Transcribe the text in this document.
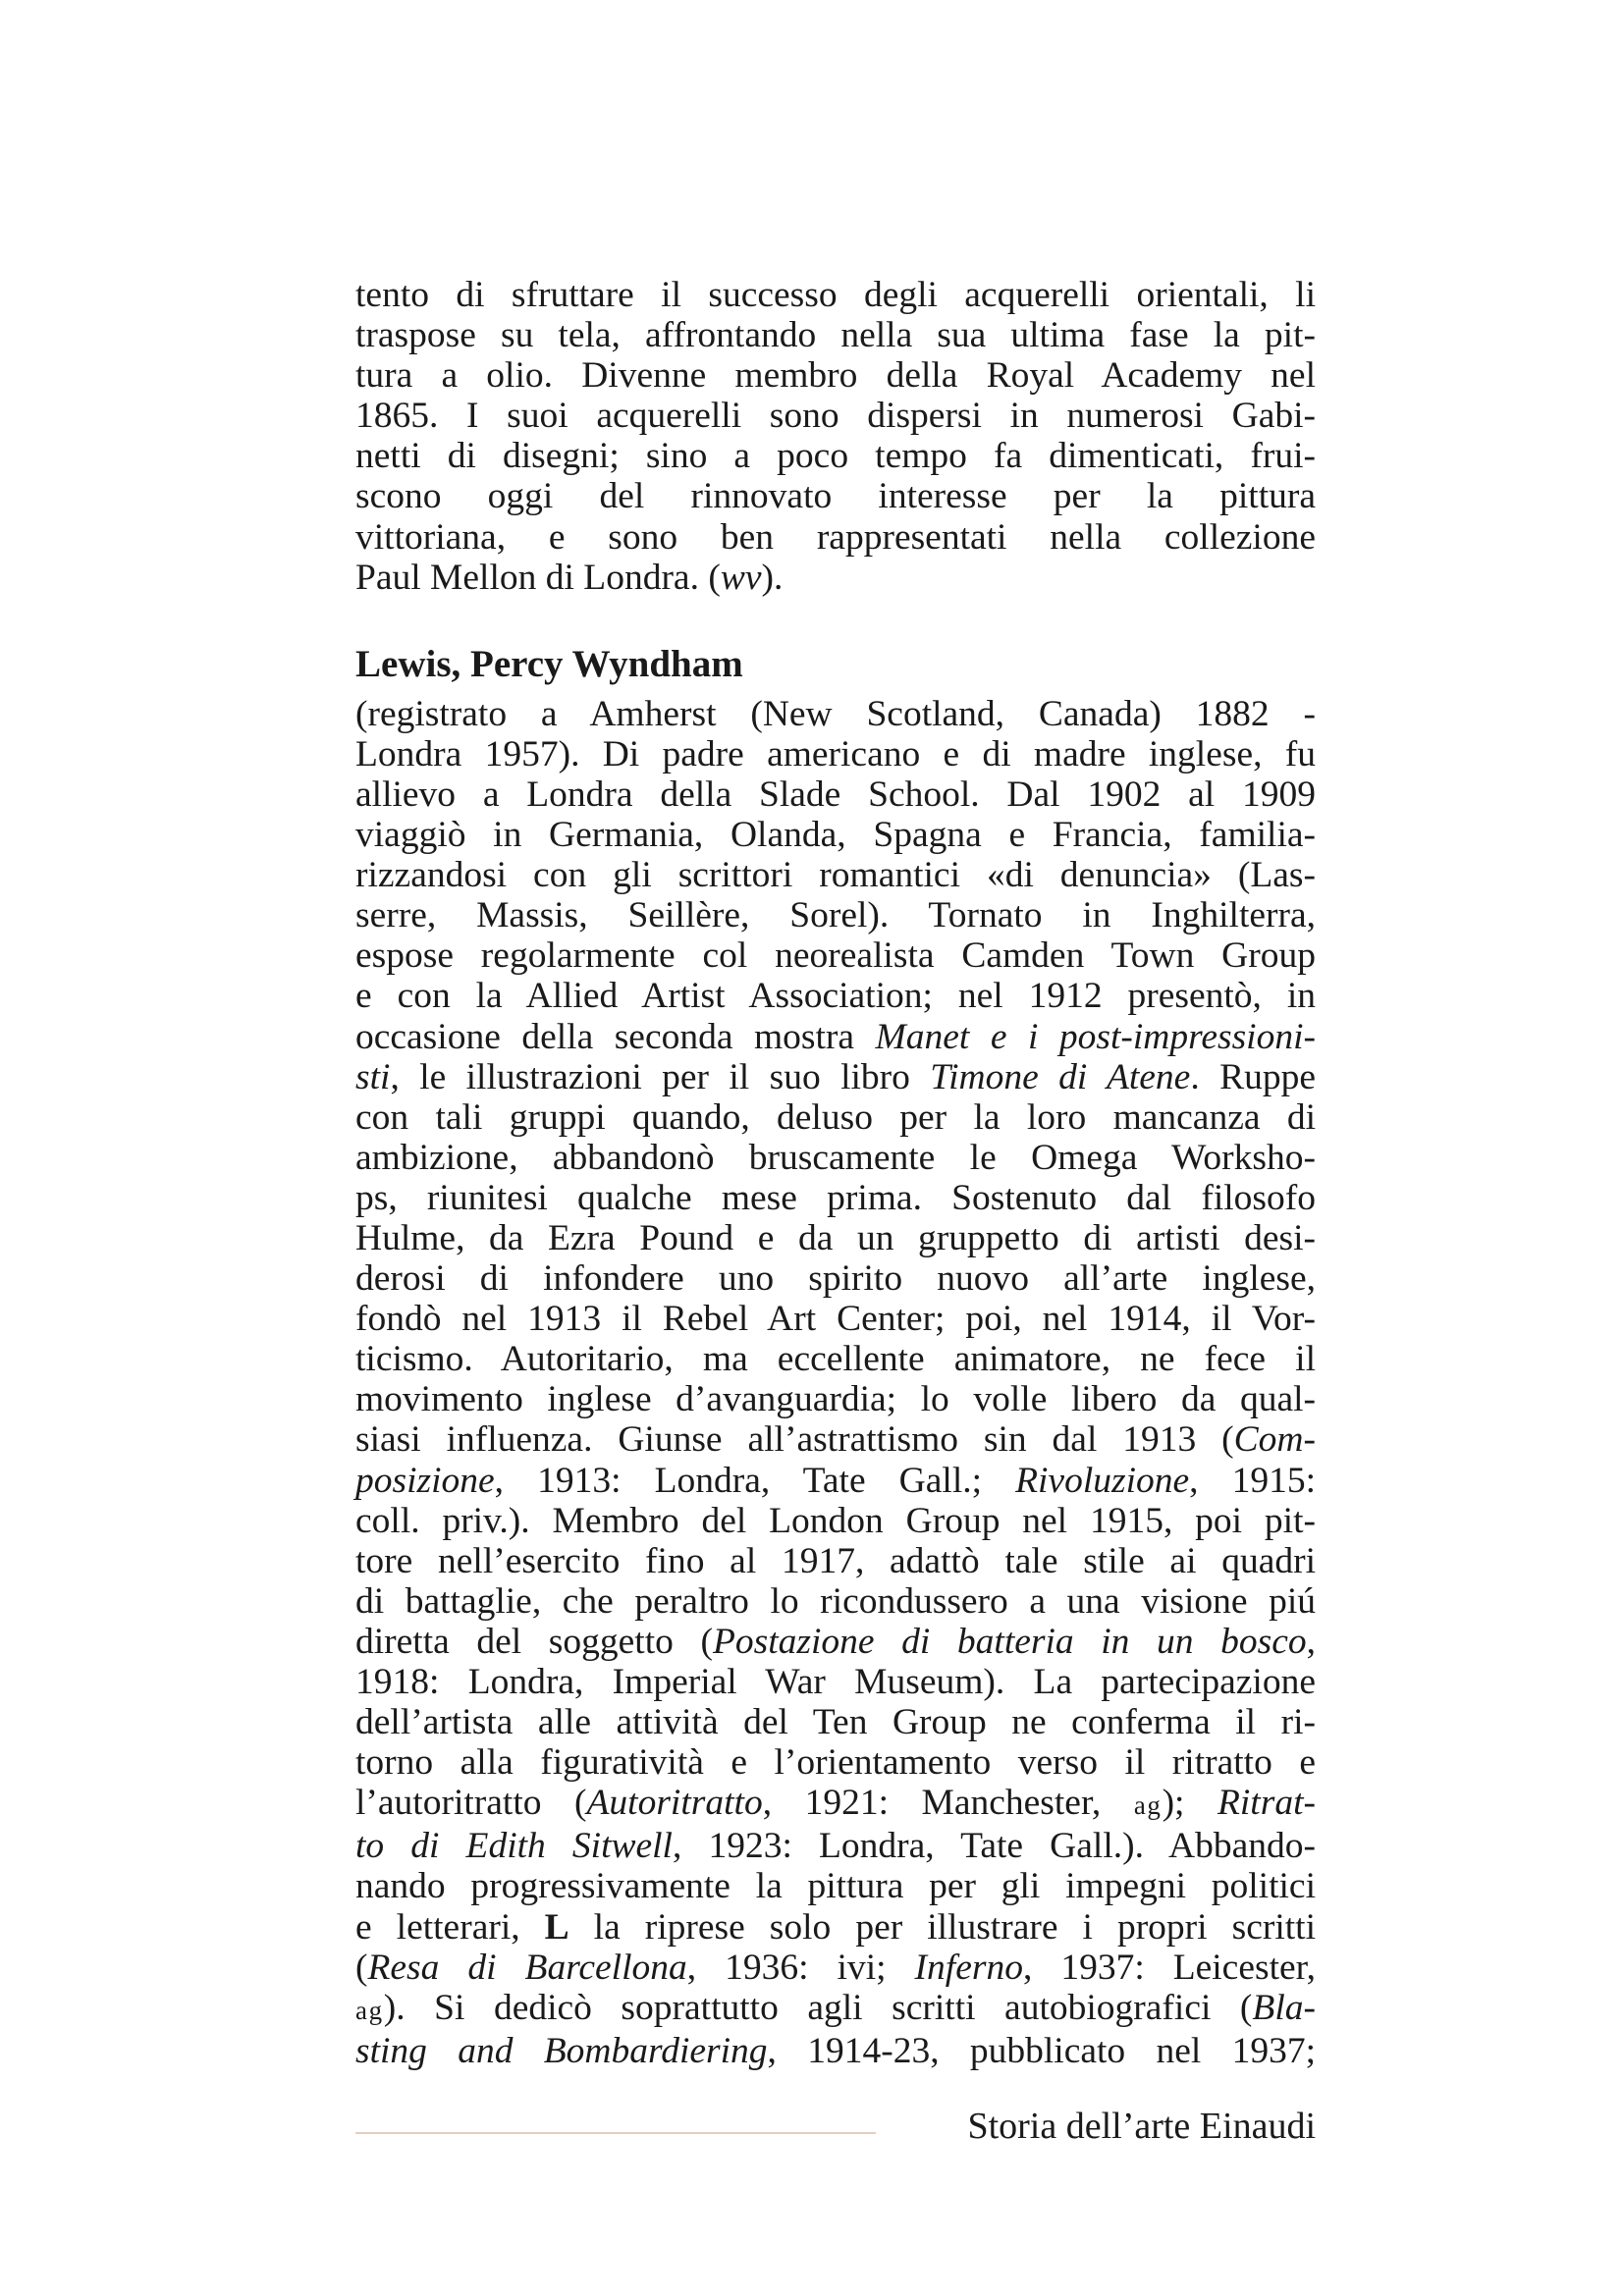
tento di sfruttare il successo degli acquerelli orientali, li
traspose su tela, affrontando nella sua ultima fase la pit-
tura a olio. Divenne membro della Royal Academy nel
1865. I suoi acquerelli sono dispersi in numerosi Gabi-
netti di disegni; sino a poco tempo fa dimenticati, frui-
scono oggi del rinnovato interesse per la pittura
vittoriana, e sono ben rappresentati nella collezione
Paul Mellon di Londra. (wv).
Lewis, Percy Wyndham
(registrato a Amherst (New Scotland, Canada) 1882 -
Londra 1957). Di padre americano e di madre inglese, fu
allievo a Londra della Slade School. Dal 1902 al 1909
viaggiò in Germania, Olanda, Spagna e Francia, familia-
rizzandosi con gli scrittori romantici «di denuncia» (Las-
serre, Massis, Seillère, Sorel). Tornato in Inghilterra,
espose regolarmente col neorealista Camden Town Group
e con la Allied Artist Association; nel 1912 presentò, in
occasione della seconda mostra Manet e i post-impressioni-
sti, le illustrazioni per il suo libro Timone di Atene. Ruppe
con tali gruppi quando, deluso per la loro mancanza di
ambizione, abbandonò bruscamente le Omega Worksho-
ps, riunitesi qualche mese prima. Sostenuto dal filosofo
Hulme, da Ezra Pound e da un gruppetto di artisti desi-
derosi di infondere uno spirito nuovo all’arte inglese,
fondò nel 1913 il Rebel Art Center; poi, nel 1914, il Vor-
ticismo. Autoritario, ma eccellente animatore, ne fece il
movimento inglese d’avanguardia; lo volle libero da qual-
siasi influenza. Giunse all’astrattismo sin dal 1913 (Com-
posizione, 1913: Londra, Tate Gall.; Rivoluzione, 1915:
coll. priv.). Membro del London Group nel 1915, poi pit-
tore nell’esercito fino al 1917, adattò tale stile ai quadri
di battaglie, che peraltro lo ricondussero a una visione piú
diretta del soggetto (Postazione di batteria in un bosco,
1918: Londra, Imperial War Museum). La partecipazione
dell’artista alle attività del Ten Group ne conferma il ri-
torno alla figuratività e l’orientamento verso il ritratto e
l’autoritratto (Autoritratto, 1921: Manchester, ag); Ritrat-
to di Edith Sitwell, 1923: Londra, Tate Gall.). Abbando-
nando progressivamente la pittura per gli impegni politici
e letterari, L la riprese solo per illustrare i propri scritti
(Resa di Barcellona, 1936: ivi; Inferno, 1937: Leicester,
ag). Si dedicò soprattutto agli scritti autobiografici (Bla-
sting and Bombardiering, 1914-23, pubblicato nel 1937;
Storia dell’arte Einaudi
